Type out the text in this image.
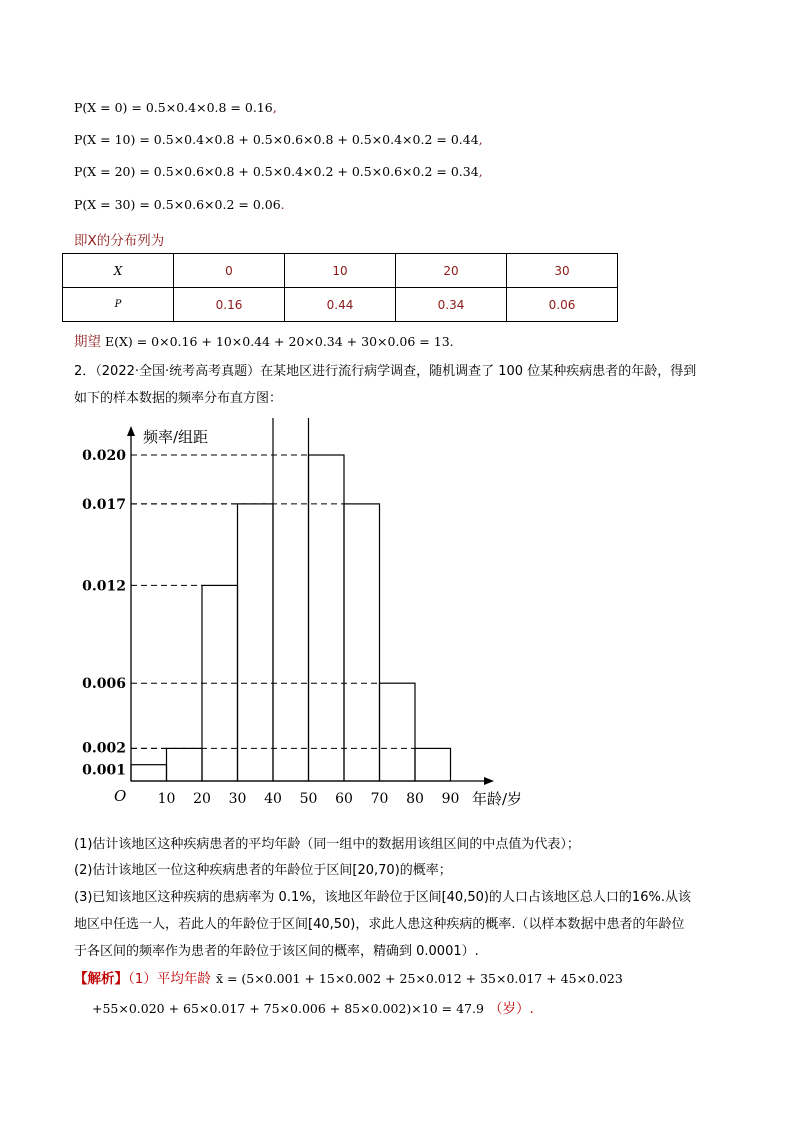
P(X = 0) = 0.5×0.4×0.8 = 0.16,
P(X = 10) = 0.5×0.4×0.8 + 0.5×0.6×0.8 + 0.5×0.4×0.2 = 0.44,
P(X = 20) = 0.5×0.6×0.8 + 0.5×0.4×0.2 + 0.5×0.6×0.2 = 0.34,
P(X = 30) = 0.5×0.6×0.2 = 0.06.
即X的分布列为
X	0	10	20	30
P	0.16	0.44	0.34	0.06
期望 E(X) = 0×0.16 + 10×0.44 + 20×0.34 + 30×0.06 = 13.
2．（2022·全国·统考高考真题）在某地区进行流行病学调查，随机调查了 100 位某种疾病患者的年龄，得到
如下的样本数据的频率分布直方图：
频率/组距
年龄/岁
O
0.020
0.017
0.012
0.006
0.002
0.001
10 20 30 40 50 60 70 80 90
(1)估计该地区这种疾病患者的平均年龄（同一组中的数据用该组区间的中点值为代表）；
(2)估计该地区一位这种疾病患者的年龄位于区间[20,70)的概率；
(3)已知该地区这种疾病的患病率为 0.1%，该地区年龄位于区间[40,50)的人口占该地区总人口的16%.从该
地区中任选一人，若此人的年龄位于区间[40,50)，求此人患这种疾病的概率.（以样本数据中患者的年龄位
于各区间的频率作为患者的年龄位于该区间的概率，精确到 0.0001）.
【解析】（1）平均年龄 x̄ = (5×0.001 + 15×0.002 + 25×0.012 + 35×0.017 + 45×0.023
+55×0.020 + 65×0.017 + 75×0.006 + 85×0.002)×10 = 47.9 （岁）.
